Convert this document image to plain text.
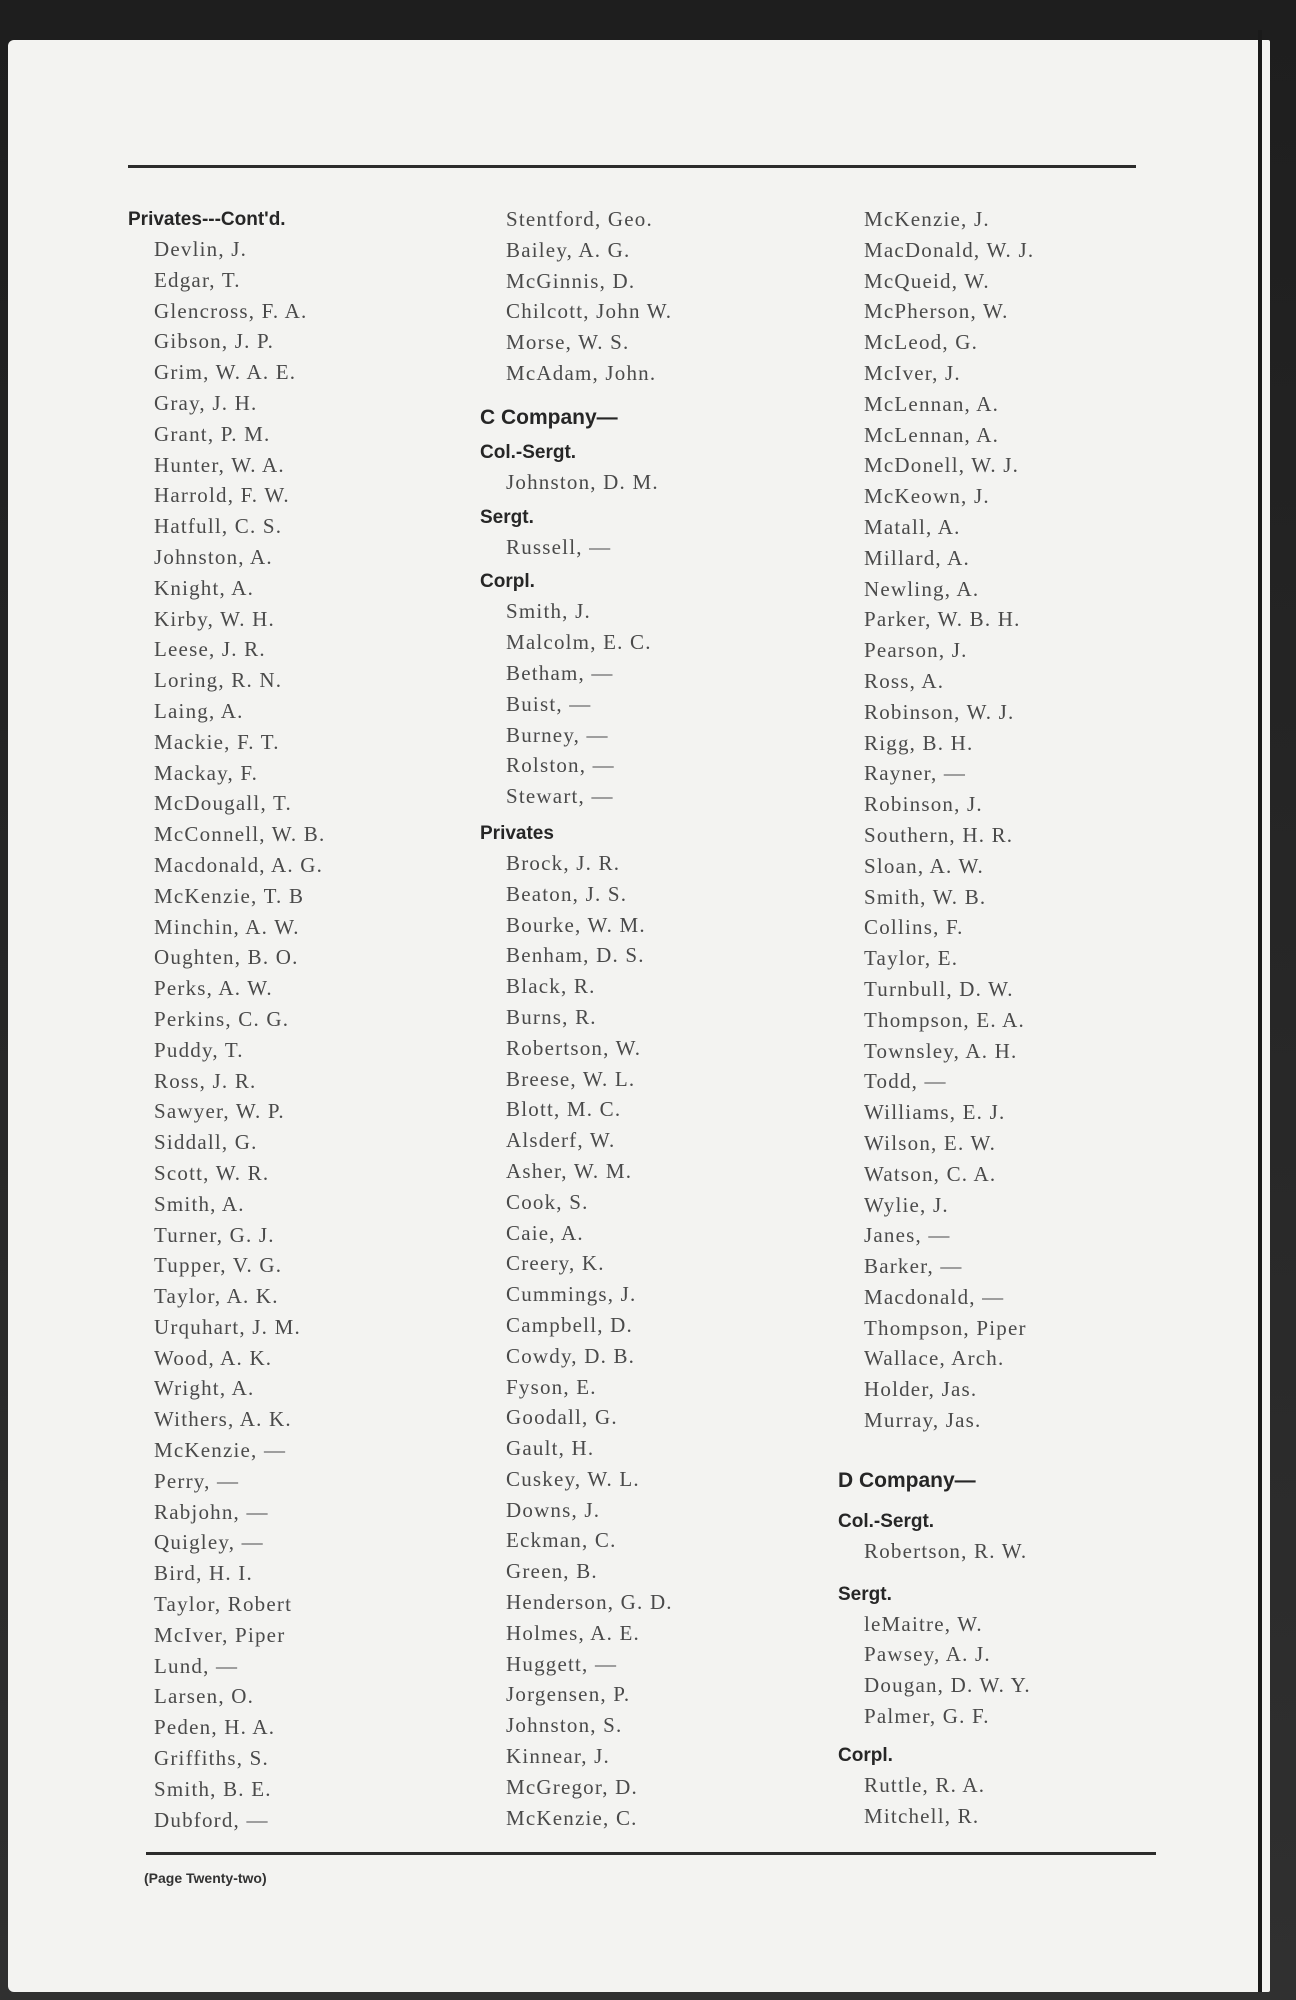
Privates---Cont'd.
Devlin, J.
Edgar, T.
Glencross, F. A.
Gibson, J. P.
Grim, W. A. E.
Gray, J. H.
Grant, P. M.
Hunter, W. A.
Harrold, F. W.
Hatfull, C. S.
Johnston, A.
Knight, A.
Kirby, W. H.
Leese, J. R.
Loring, R. N.
Laing, A.
Mackie, F. T.
Mackay, F.
McDougall, T.
McConnell, W. B.
Macdonald, A. G.
McKenzie, T. B
Minchin, A. W.
Oughten, B. O.
Perks, A. W.
Perkins, C. G.
Puddy, T.
Ross, J. R.
Sawyer, W. P.
Siddall, G.
Scott, W. R.
Smith, A.
Turner, G. J.
Tupper, V. G.
Taylor, A. K.
Urquhart, J. M.
Wood, A. K.
Wright, A.
Withers, A. K.
McKenzie, —
Perry, —
Rabjohn, —
Quigley, —
Bird, H. I.
Taylor, Robert
McIver, Piper
Lund, —
Larsen, O.
Peden, H. A.
Griffiths, S.
Smith, B. E.
Dubford, —
Stentford, Geo.
Bailey, A. G.
McGinnis, D.
Chilcott, John W.
Morse, W. S.
McAdam, John.
C Company—
Col.-Sergt.
Johnston, D. M.
Sergt.
Russell, —
Corpl.
Smith, J.
Malcolm, E. C.
Betham, —
Buist, —
Burney, —
Rolston, —
Stewart, —
Privates
Brock, J. R.
Beaton, J. S.
Bourke, W. M.
Benham, D. S.
Black, R.
Burns, R.
Robertson, W.
Breese, W. L.
Blott, M. C.
Alsderf, W.
Asher, W. M.
Cook, S.
Caie, A.
Creery, K.
Cummings, J.
Campbell, D.
Cowdy, D. B.
Fyson, E.
Goodall, G.
Gault, H.
Cuskey, W. L.
Downs, J.
Eckman, C.
Green, B.
Henderson, G. D.
Holmes, A. E.
Huggett, —
Jorgensen, P.
Johnston, S.
Kinnear, J.
McGregor, D.
McKenzie, C.
McKenzie, J.
MacDonald, W. J.
McQueid, W.
McPherson, W.
McLeod, G.
McIver, J.
McLennan, A.
McLennan, A.
McDonell, W. J.
McKeown, J.
Matall, A.
Millard, A.
Newling, A.
Parker, W. B. H.
Pearson, J.
Ross, A.
Robinson, W. J.
Rigg, B. H.
Rayner, —
Robinson, J.
Southern, H. R.
Sloan, A. W.
Smith, W. B.
Collins, F.
Taylor, E.
Turnbull, D. W.
Thompson, E. A.
Townsley, A. H.
Todd, —
Williams, E. J.
Wilson, E. W.
Watson, C. A.
Wylie, J.
Janes, —
Barker, —
Macdonald, —
Thompson, Piper
Wallace, Arch.
Holder, Jas.
Murray, Jas.
D Company—
Col.-Sergt.
Robertson, R. W.
Sergt.
leMaitre, W.
Pawsey, A. J.
Dougan, D. W. Y.
Palmer, G. F.
Corpl.
Ruttle, R. A.
Mitchell, R.
(Page Twenty-two)
